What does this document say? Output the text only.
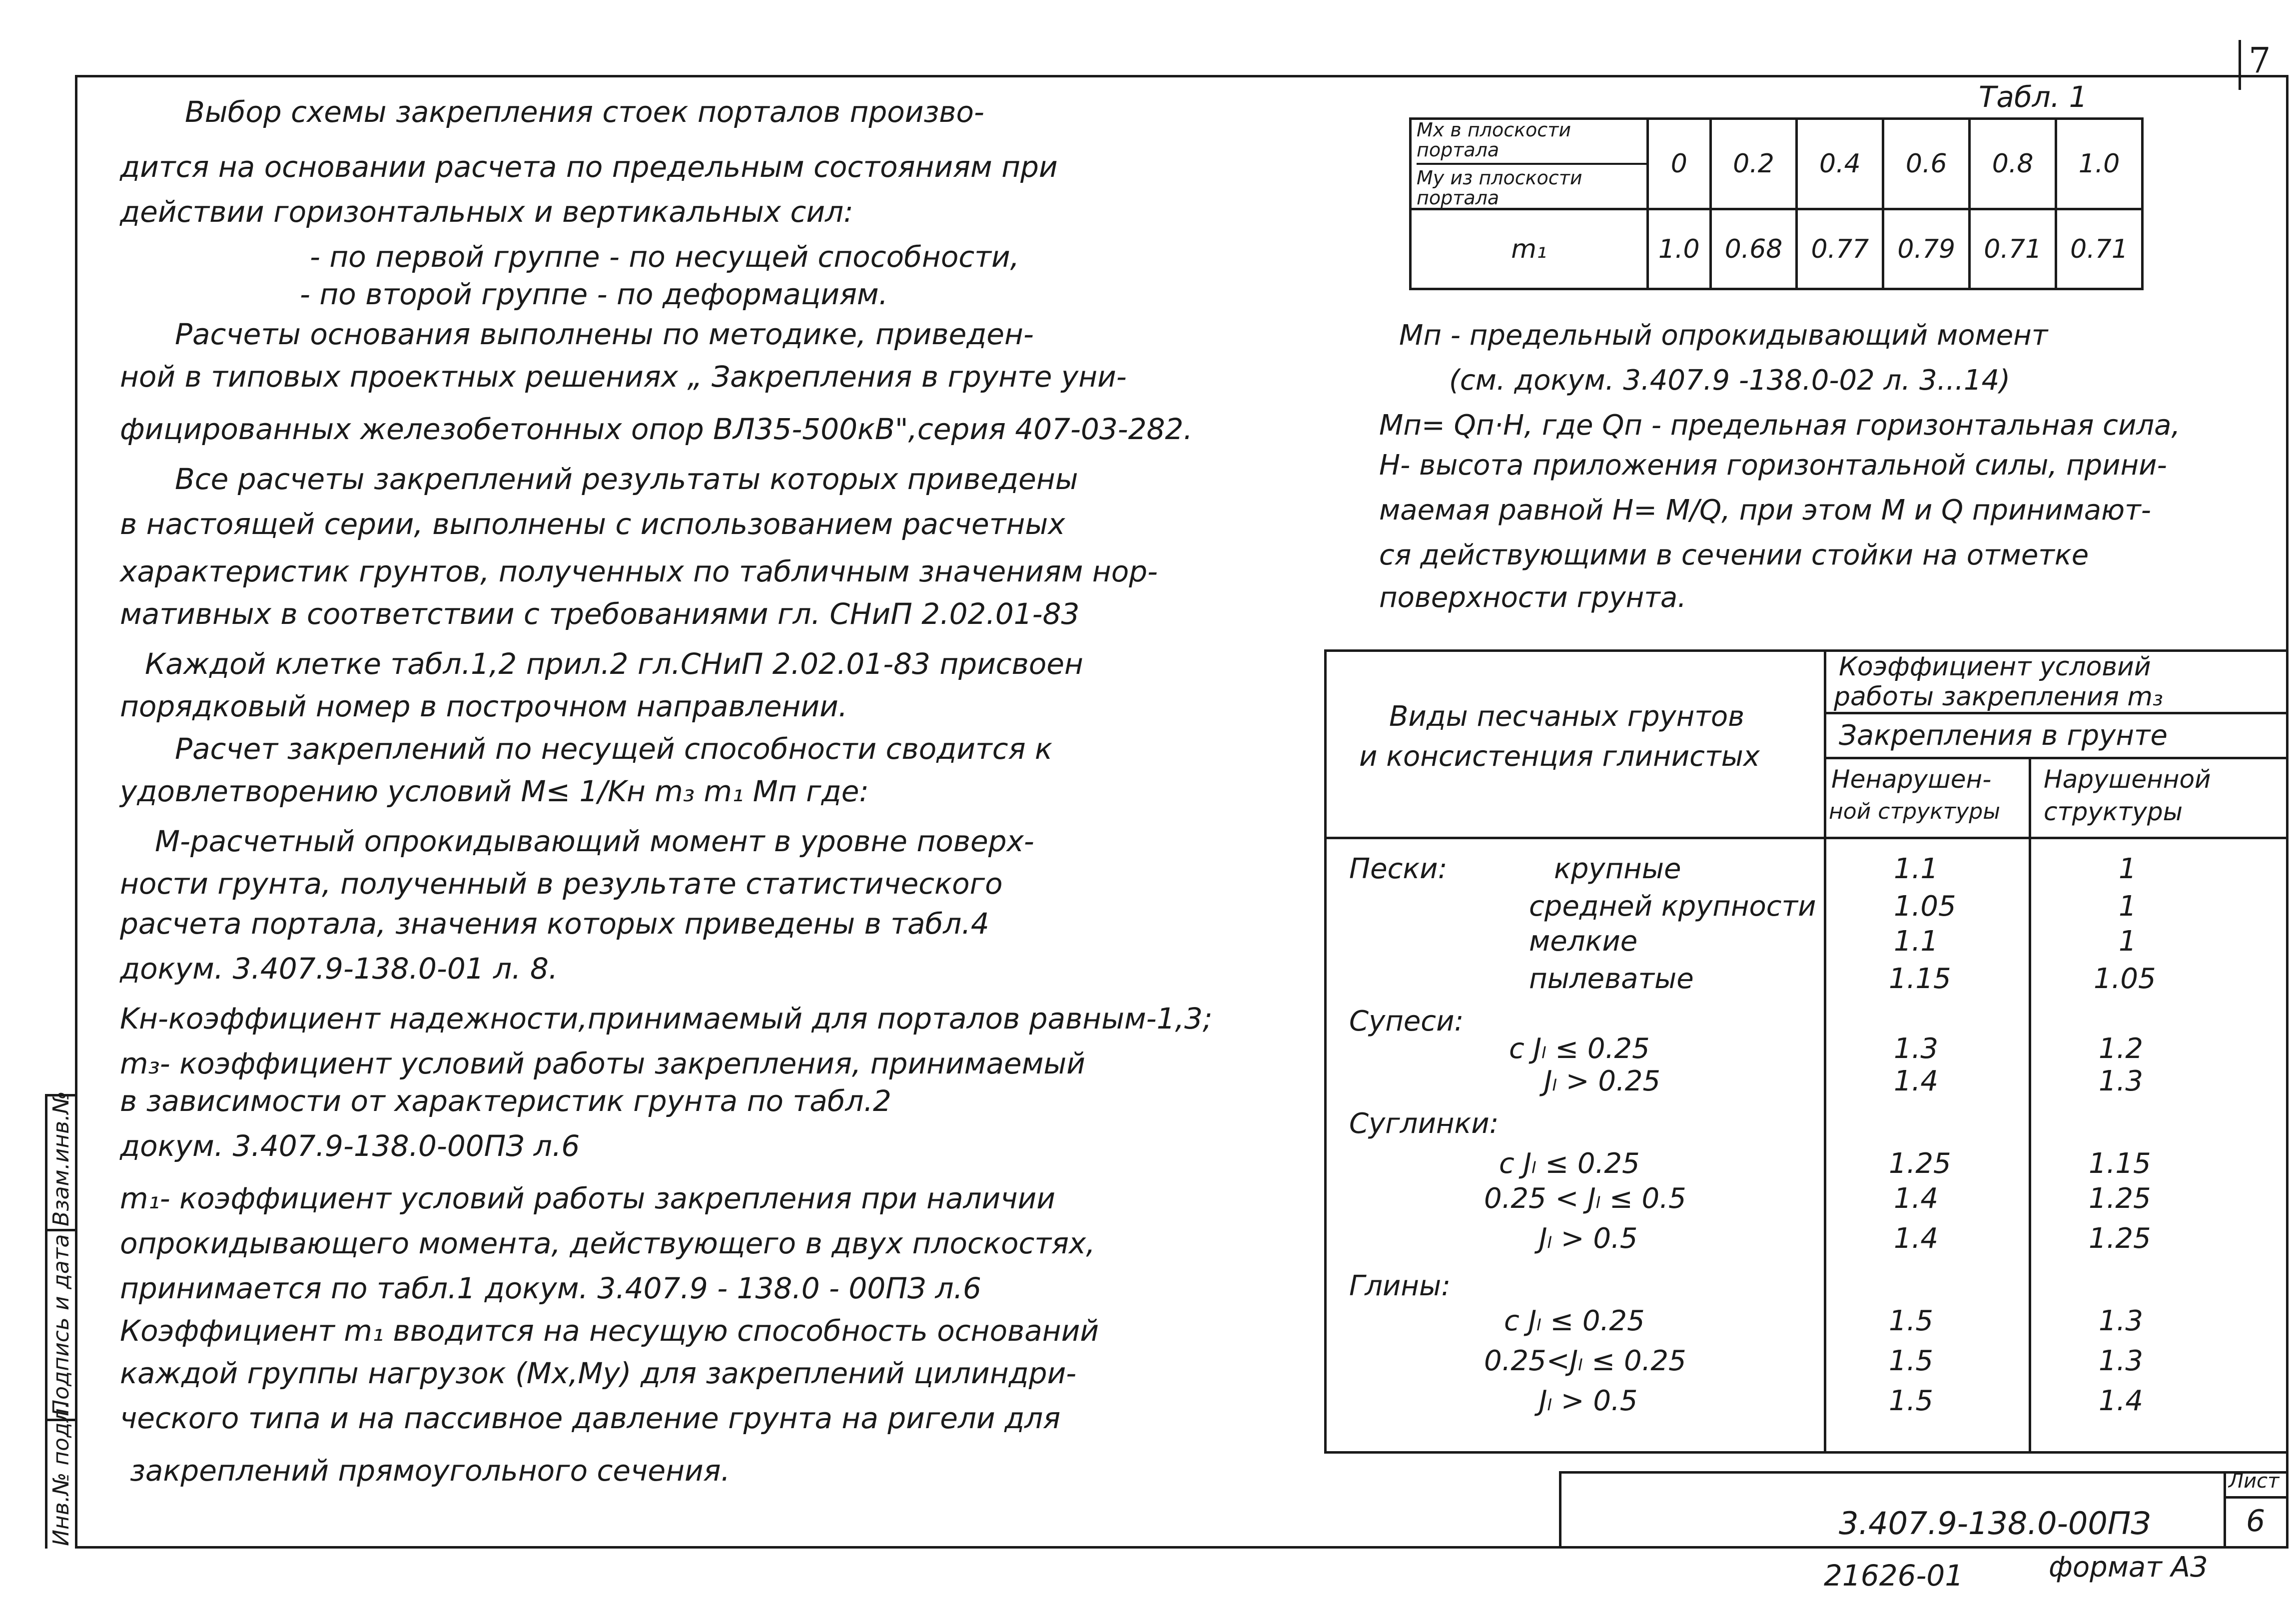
7
Инв.№ подл.
Подпись и дата
Взам.инв.№
Выбор схемы закрепления стоек порталов произво-
дится на основании расчета по предельным состояниям при
действии горизонтальных и вертикальных сил:
- по первой группе - по несущей способности,
- по второй группе - по деформациям.
Расчеты основания выполнены по методике, приведен-
ной в типовых проектных решениях „ Закрепления в грунте уни-
фицированных железобетонных опор ВЛ35-500кВ",серия 407-03-282.
Все расчеты закреплений результаты которых приведены
в настоящей серии, выполнены с использованием расчетных
характеристик грунтов, полученных по табличным значениям нор-
мативных в соответствии с требованиями гл. СНиП 2.02.01-83
Каждой клетке табл.1,2 прил.2 гл.СНиП 2.02.01-83 присвоен
порядковый номер в построчном направлении.
Расчет закреплений по несущей способности сводится к
удовлетворению условий M≤ 1/Kн m₃ m₁ Mп где:
M-расчетный опрокидывающий момент в уровне поверх-
ности грунта, полученный в результате статистического
расчета портала, значения которых приведены в табл.4
докум. 3.407.9-138.0-01 л. 8.
Kн-коэффициент надежности,принимаемый для порталов равным-1,3;
m₃- коэффициент условий работы закрепления, принимаемый
в зависимости от характеристик грунта по табл.2
докум. 3.407.9-138.0-00ПЗ л.6
m₁- коэффициент условий работы закрепления при наличии
опрокидывающего момента, действующего в двух плоскостях,
принимается по табл.1 докум. 3.407.9 - 138.0 - 00ПЗ л.6
Коэффициент m₁ вводится на несущую способность оснований
каждой группы нагрузок (Mx,My) для закреплений цилиндри-
ческого типа и на пассивное давление грунта на ригели для
закреплений прямоугольного сечения.
Табл. 1
Mx в плоскости портала
My из плоскости портала	0	0.2	0.4	0.6	0.8	1.0
m₁	1.0	0.68	0.77	0.79	0.71	0.71
Mп - предельный опрокидывающий момент
(см. докум. 3.407.9 -138.0-02 л. 3...14)
Mп= Qп·H, где Qп - предельная горизонтальная сила,
H- высота приложения горизонтальной силы, прини-
маемая равной H= M/Q, при этом M и Q принимают-
ся действующими в сечении стойки на отметке
поверхности грунта.
Виды песчаных грунтов
и консистенция глинистых
Коэффициент условий
работы закрепления m₃
Закрепления в грунте
Ненарушен-
ной структуры
Нарушенной
структуры
Пески:	крупные	1.1	1
средней крупности	1.05	1
мелкие	1.1	1
пылеватые	1.15	1.05
Супеси:
с Jₗ ≤ 0.25	1.3	1.2
Jₗ > 0.25	1.4	1.3
Суглинки:
с Jₗ ≤ 0.25	1.25	1.15
0.25 < Jₗ ≤ 0.5	1.4	1.25
Jₗ > 0.5	1.4	1.25
Глины:
с Jₗ ≤ 0.25	1.5	1.3
0.25<Jₗ ≤ 0.25	1.5	1.3
Jₗ > 0.5	1.5	1.4
3.407.9-138.0-00ПЗ
Лист
6
21626-01	формат А3
